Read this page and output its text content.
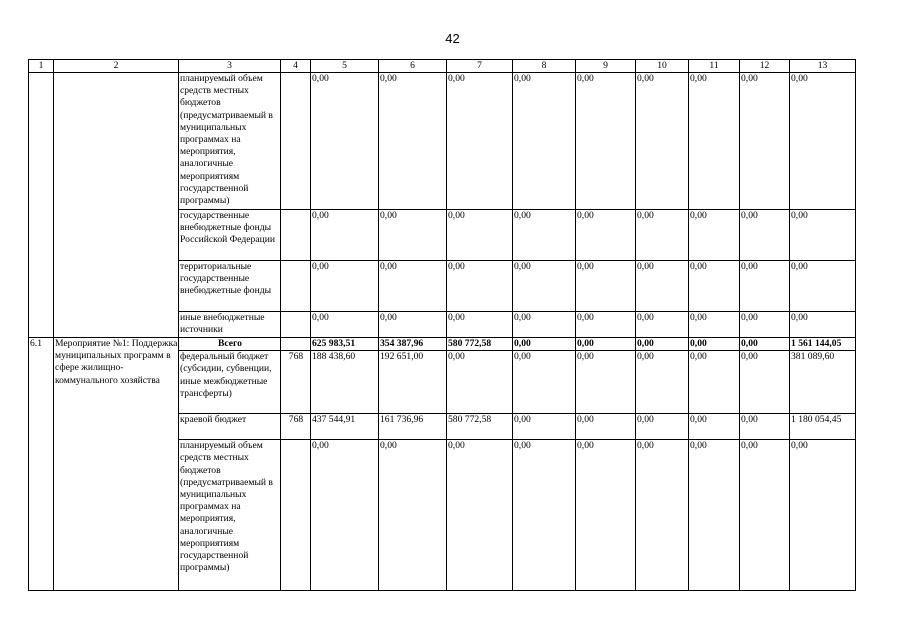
42
1	2	3	4	5	6	7	8	9	10	11	12	13
		планируемый объем средств местных бюджетов (предусматриваемый в муниципальных программах на мероприятия, аналогичные мероприятиям государственной программы)		0,00	0,00	0,00	0,00	0,00	0,00	0,00	0,00	0,00
		государственные внебюджетные фонды Российской Федерации		0,00	0,00	0,00	0,00	0,00	0,00	0,00	0,00	0,00
		территориальные государственные внебюджетные фонды		0,00	0,00	0,00	0,00	0,00	0,00	0,00	0,00	0,00
		иные внебюджетные источники		0,00	0,00	0,00	0,00	0,00	0,00	0,00	0,00	0,00
6.1	Мероприятие №1: Поддержка муниципальных программ в сфере жилищно-коммунального хозяйства	Всего		625 983,51	354 387,96	580 772,58	0,00	0,00	0,00	0,00	0,00	1 561 144,05
		федеральный бюджет (субсидии, субвенции, иные межбюджетные трансферты)	768	188 438,60	192 651,00	0,00	0,00	0,00	0,00	0,00	0,00	381 089,60
		краевой бюджет	768	437 544,91	161 736,96	580 772,58	0,00	0,00	0,00	0,00	0,00	1 180 054,45
		планируемый объем средств местных бюджетов (предусматриваемый в муниципальных программах на мероприятия, аналогичные мероприятиям государственной программы)		0,00	0,00	0,00	0,00	0,00	0,00	0,00	0,00	0,00
